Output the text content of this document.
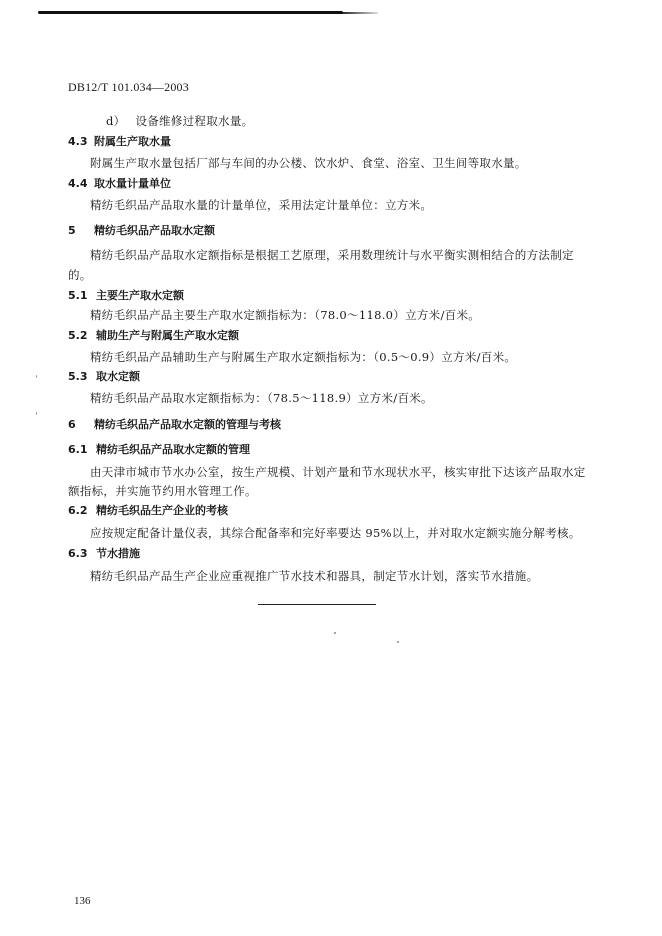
DB12/T 101.034—2003
d） 设备维修过程取水量。
4.3 附属生产取水量
附属生产取水量包括厂部与车间的办公楼、饮水炉、食堂、浴室、卫生间等取水量。
4.4 取水量计量单位
精纺毛织品产品取水量的计量单位，采用法定计量单位：立方米。
5 精纺毛织品产品取水定额
精纺毛织品产品取水定额指标是根据工艺原理，采用数理统计与水平衡实测相结合的方法制定
的。
5.1 主要生产取水定额
精纺毛织品产品主要生产取水定额指标为：（78.0～118.0）立方米/百米。
5.2 辅助生产与附属生产取水定额
精纺毛织品产品辅助生产与附属生产取水定额指标为：（0.5～0.9）立方米/百米。
5.3 取水定额
精纺毛织品产品取水定额指标为：（78.5～118.9）立方米/百米。
6 精纺毛织品产品取水定额的管理与考核
6.1 精纺毛织品产品取水定额的管理
由天津市城市节水办公室，按生产规模、计划产量和节水现状水平，核实审批下达该产品取水定
额指标，并实施节约用水管理工作。
6.2 精纺毛织品生产企业的考核
应按规定配备计量仪表，其综合配备率和完好率要达 95%以上，并对取水定额实施分解考核。
6.3 节水措施
精纺毛织品产品生产企业应重视推广节水技术和器具，制定节水计划，落实节水措施。
136
